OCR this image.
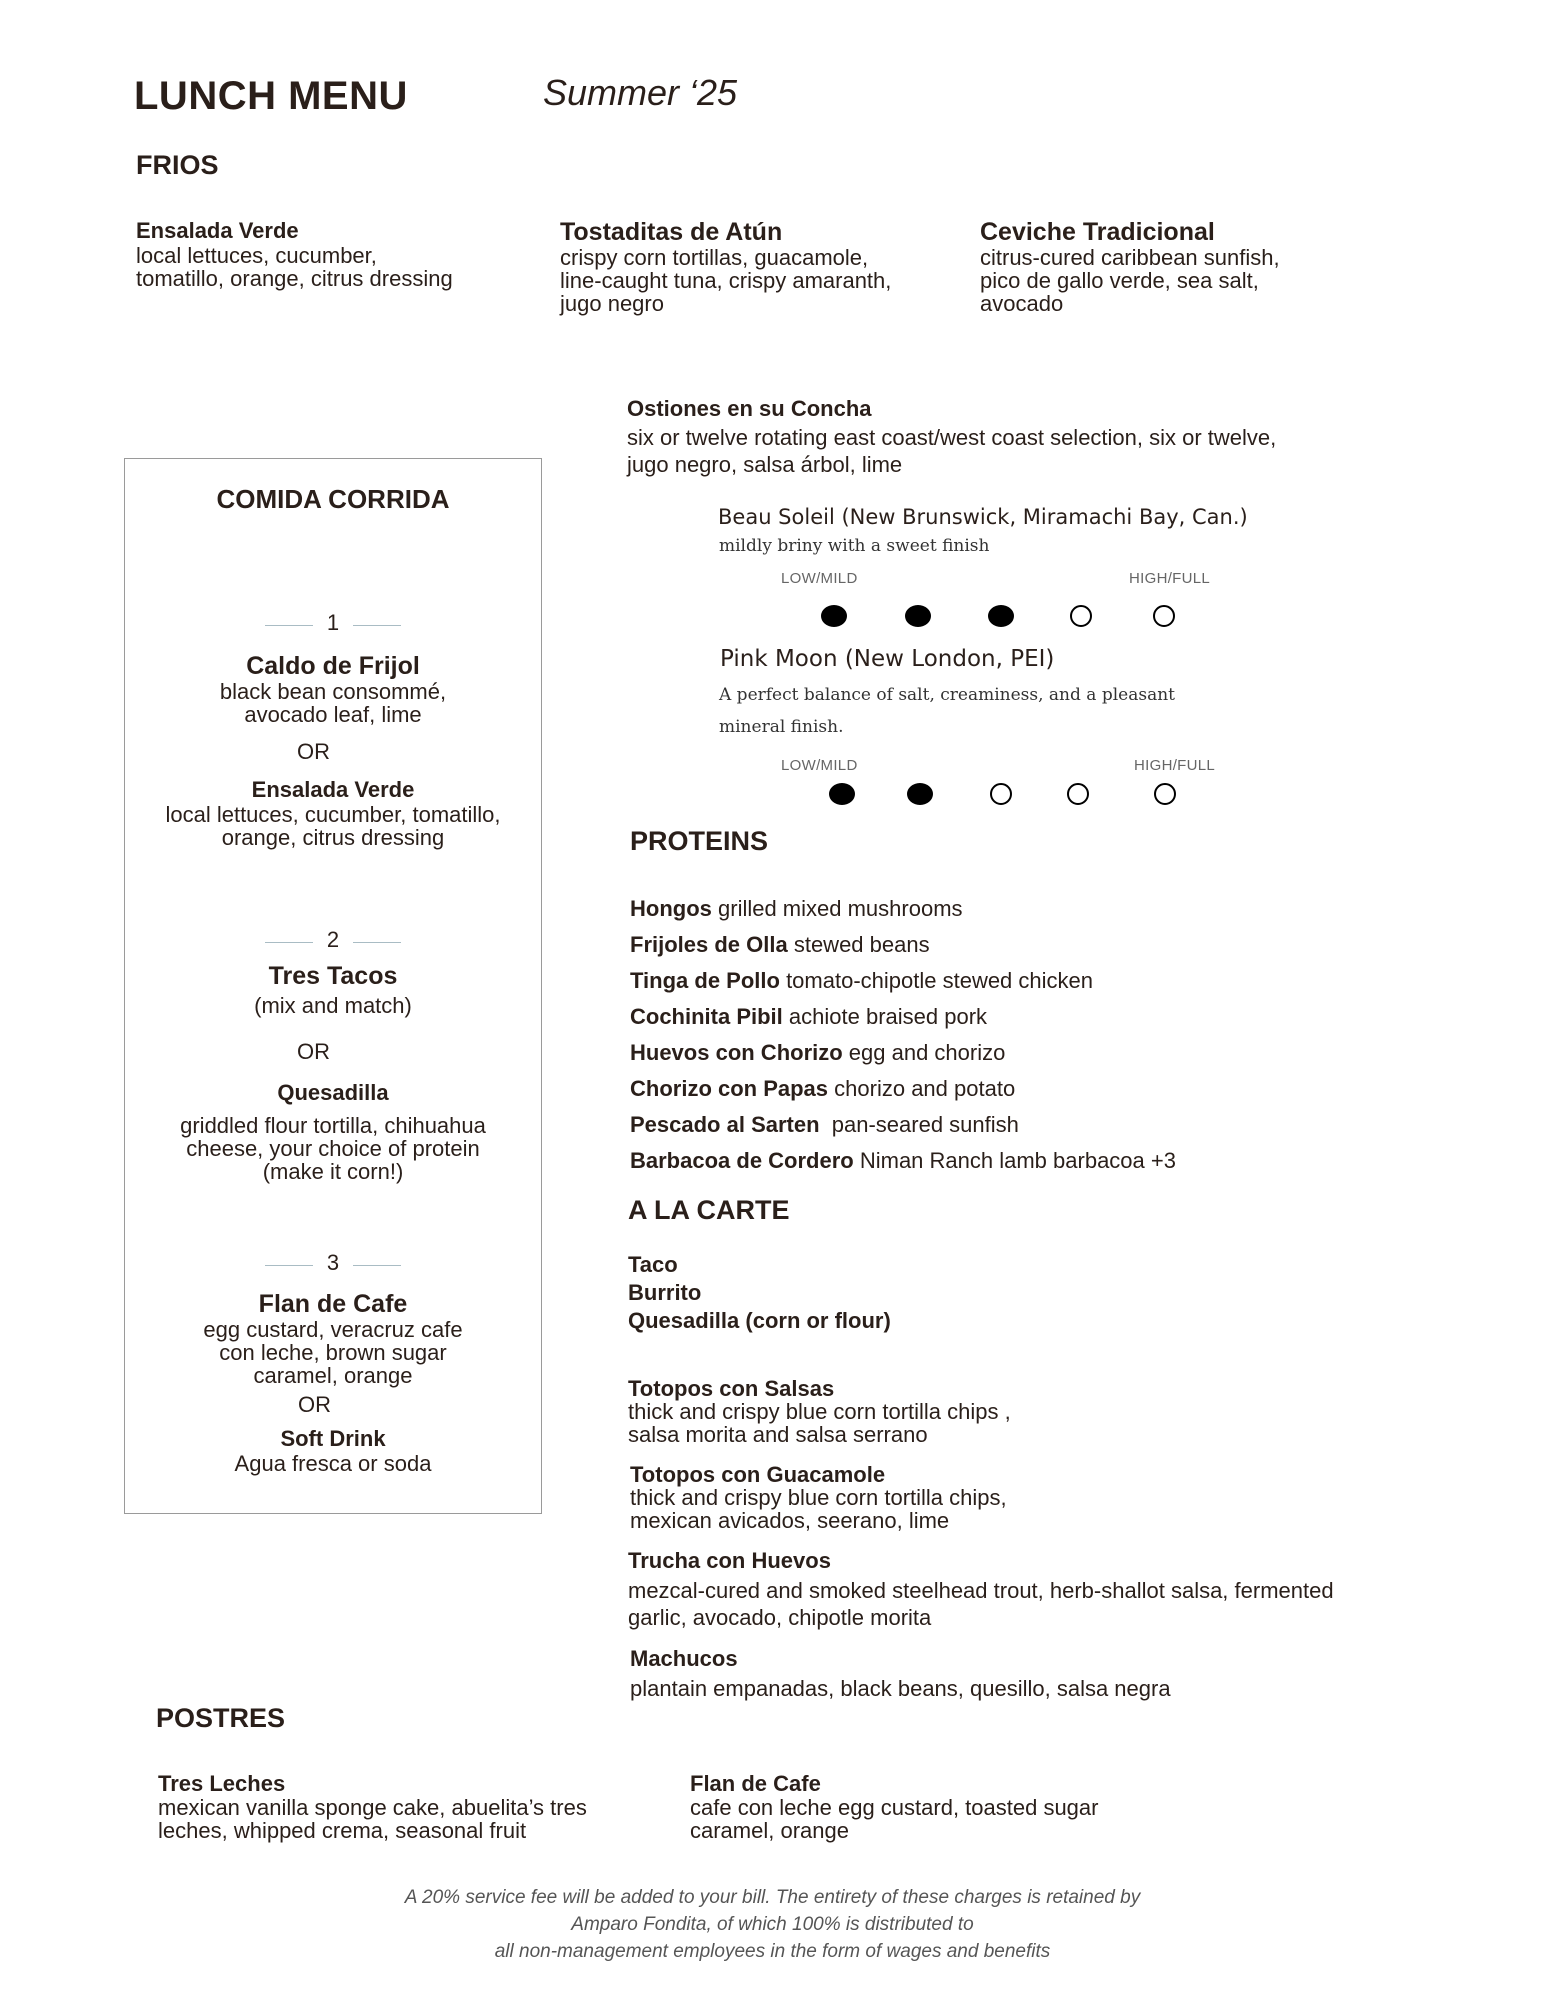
LUNCH MENU	Summer ‘25
FRIOS
Ensalada Verde
local lettuces, cucumber,
tomatillo, orange, citrus dressing
Tostaditas de Atún
crispy corn tortillas, guacamole,
line-caught tuna, crispy amaranth,
jugo negro
Ceviche Tradicional
citrus-cured caribbean sunfish,
pico de gallo verde, sea salt,
avocado
Ostiones en su Concha
six or twelve rotating east coast/west coast selection, six or twelve,
jugo negro, salsa árbol, lime
Beau Soleil (New Brunswick, Miramachi Bay, Can.)
mildly briny with a sweet finish
LOW/MILD	HIGH/FULL
Pink Moon (New London, PEI)
A perfect balance of salt, creaminess, and a pleasant
mineral finish.
LOW/MILD	HIGH/FULL
COMIDA CORRIDA
1
Caldo de Frijol
black bean consommé,
avocado leaf, lime
OR
Ensalada Verde
local lettuces, cucumber, tomatillo,
orange, citrus dressing
2
Tres Tacos
(mix and match)
OR
Quesadilla
griddled flour tortilla, chihuahua
cheese, your choice of protein
(make it corn!)
3
Flan de Cafe
egg custard, veracruz cafe
con leche, brown sugar
caramel, orange
OR
Soft Drink
Agua fresca or soda
PROTEINS
Hongos grilled mixed mushrooms
Frijoles de Olla stewed beans
Tinga de Pollo tomato-chipotle stewed chicken
Cochinita Pibil achiote braised pork
Huevos con Chorizo egg and chorizo
Chorizo con Papas chorizo and potato
Pescado al Sarten  pan-seared sunfish
Barbacoa de Cordero Niman Ranch lamb barbacoa +3
A LA CARTE
Taco
Burrito
Quesadilla (corn or flour)
Totopos con Salsas
thick and crispy blue corn tortilla chips ,
salsa morita and salsa serrano
Totopos con Guacamole
thick and crispy blue corn tortilla chips,
mexican avicados, seerano, lime
Trucha con Huevos
mezcal-cured and smoked steelhead trout, herb-shallot salsa, fermented
garlic, avocado, chipotle morita
Machucos
plantain empanadas, black beans, quesillo, salsa negra
POSTRES
Tres Leches
mexican vanilla sponge cake, abuelita’s tres
leches, whipped crema, seasonal fruit
Flan de Cafe
cafe con leche egg custard, toasted sugar
caramel, orange
A 20% service fee will be added to your bill. The entirety of these charges is retained by
Amparo Fondita, of which 100% is distributed to
all non-management employees in the form of wages and benefits
